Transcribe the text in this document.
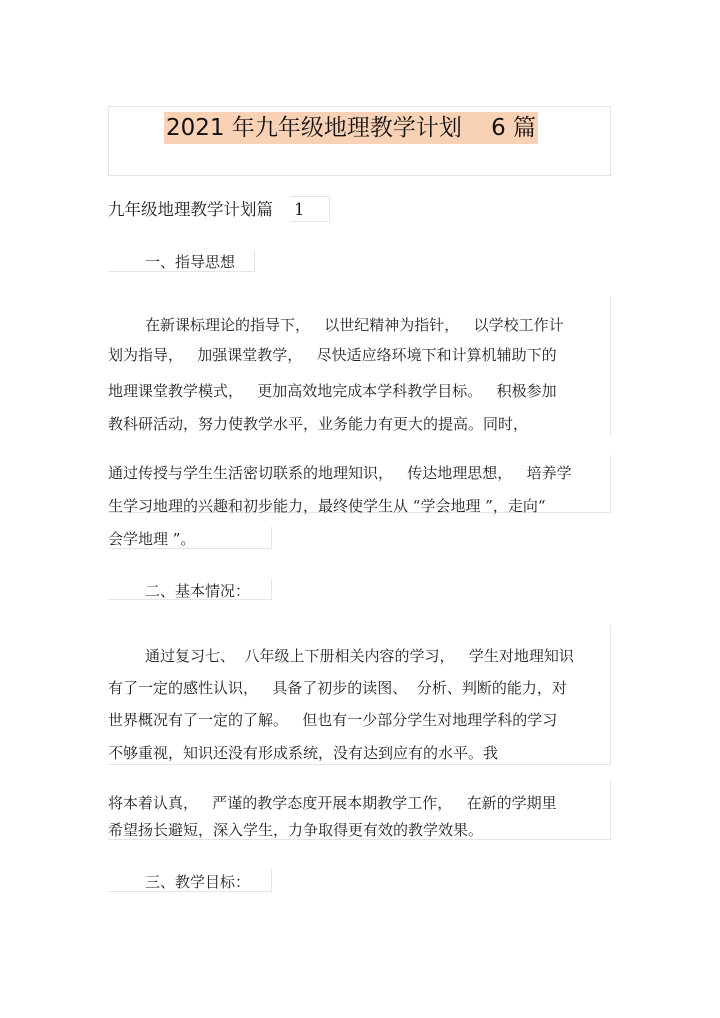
2021 年九年级地理教学计划    6 篇
九年级地理教学计划篇    1
一、指导思想
在新课标理论的指导下，   以世纪精神为指针，   以学校工作计
划为指导，   加强课堂教学，   尽快适应络环境下和计算机辅助下的
地理课堂教学模式，   更加高效地完成本学科教学目标。   积极参加
教科研活动，努力使教学水平，业务能力有更大的提高。同时，
通过传授与学生生活密切联系的地理知识，   传达地理思想，   培养学
生学习地理的兴趣和初步能力，最终使学生从 “学会地理 ”，走向“
会学地理 ”。
二、基本情况：
通过复习七、  八年级上下册相关内容的学习，   学生对地理知识
有了一定的感性认识，   具备了初步的读图、  分析、判断的能力，对
世界概况有了一定的了解。   但也有一少部分学生对地理学科的学习
不够重视，知识还没有形成系统，没有达到应有的水平。我
将本着认真，   严谨的教学态度开展本期教学工作，   在新的学期里
希望扬长避短，深入学生，力争取得更有效的教学效果。
三、教学目标：
